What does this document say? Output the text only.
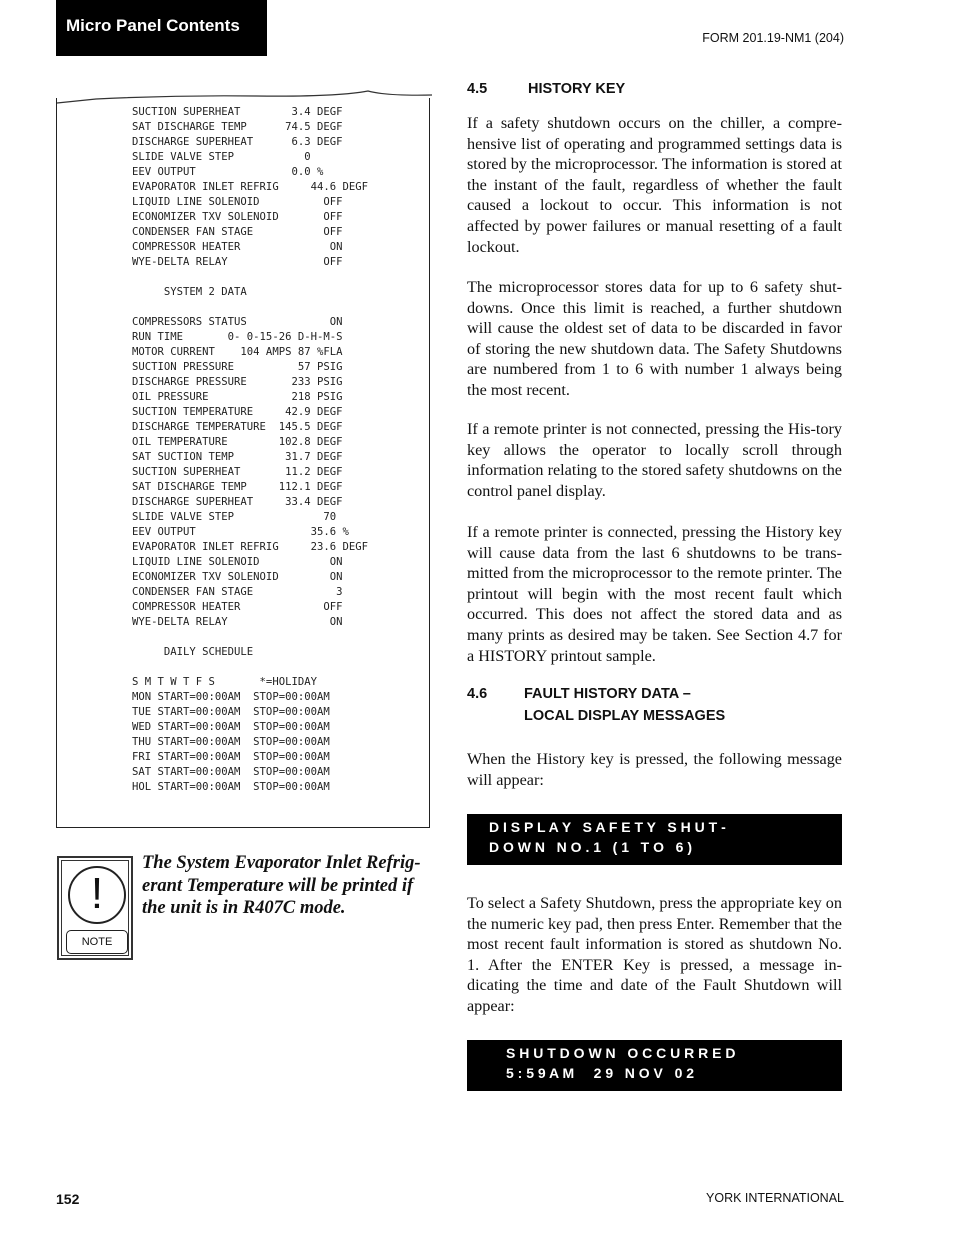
Micro Panel Contents
FORM 201.19-NM1 (204)
SUCTION SUPERHEAT        3.4 DEGF
SAT DISCHARGE TEMP      74.5 DEGF
DISCHARGE SUPERHEAT      6.3 DEGF
SLIDE VALVE STEP           0
EEV OUTPUT               0.0 %
EVAPORATOR INLET REFRIG     44.6 DEGF
LIQUID LINE SOLENOID          OFF
ECONOMIZER TXV SOLENOID       OFF
CONDENSER FAN STAGE           OFF
COMPRESSOR HEATER              ON
WYE-DELTA RELAY               OFF
SYSTEM 2 DATA
COMPRESSORS STATUS             ON
RUN TIME       0- 0-15-26 D-H-M-S
MOTOR CURRENT    104 AMPS 87 %FLA
SUCTION PRESSURE          57 PSIG
DISCHARGE PRESSURE       233 PSIG
OIL PRESSURE             218 PSIG
SUCTION TEMPERATURE     42.9 DEGF
DISCHARGE TEMPERATURE  145.5 DEGF
OIL TEMPERATURE        102.8 DEGF
SAT SUCTION TEMP        31.7 DEGF
SUCTION SUPERHEAT       11.2 DEGF
SAT DISCHARGE TEMP     112.1 DEGF
DISCHARGE SUPERHEAT     33.4 DEGF
SLIDE VALVE STEP              70
EEV OUTPUT                  35.6 %
EVAPORATOR INLET REFRIG     23.6 DEGF
LIQUID LINE SOLENOID           ON
ECONOMIZER TXV SOLENOID        ON
CONDENSER FAN STAGE             3
COMPRESSOR HEATER             OFF
WYE-DELTA RELAY                ON
DAILY SCHEDULE
S M T W T F S       *=HOLIDAY
MON START=00:00AM  STOP=00:00AM
TUE START=00:00AM  STOP=00:00AM
WED START=00:00AM  STOP=00:00AM
THU START=00:00AM  STOP=00:00AM
FRI START=00:00AM  STOP=00:00AM
SAT START=00:00AM  STOP=00:00AM
HOL START=00:00AM  STOP=00:00AM
!
NOTE
The System Evaporator Inlet Refrig-erant Temperature will be printed if the unit is in R407C mode.
4.5	HISTORY KEY
If a safety shutdown occurs on the chiller, a compre-hensive list of operating and programmed settings data is stored by the microprocessor. The information is stored at the instant of the fault, regardless of whether the fault caused a lockout to occur. This information is not affected by power failures or manual resetting of a fault lockout.
The microprocessor stores data for up to 6 safety shut-downs. Once this limit is reached, a further shutdown will cause the oldest set of data to be discarded in favor of storing the new shutdown data. The Safety Shutdowns are numbered from 1 to 6 with number 1 always being the most recent.
If a remote printer is not connected, pressing the His-tory key allows the operator to locally scroll through information relating to the stored safety shutdowns on the control panel display.
If a remote printer is connected, pressing the History key will cause data from the last 6 shutdowns to be trans-mitted from the microprocessor to the remote printer. The printout will begin with the most recent fault which occurred. This does not affect the stored data and as many prints as desired may be taken. See Section 4.7 for a HISTORY printout sample.
4.6	FAULT HISTORY DATA –
LOCAL DISPLAY MESSAGES
When the History key is pressed, the following message will appear:
D I S P L A Y   S A F E T Y   S H U T -
D O W N   N O . 1   ( 1   T O   6 )
To select a Safety Shutdown, press the appropriate key on the numeric key pad, then press Enter. Remember that the most recent fault information is stored as shutdown No. 1. After the ENTER Key is pressed, a message in-dicating the time and date of the Fault Shutdown will appear:
S H U T D O W N   O C C U R R E D
5 : 5 9 A M     2 9   N O V   0 2
152	YORK INTERNATIONAL
